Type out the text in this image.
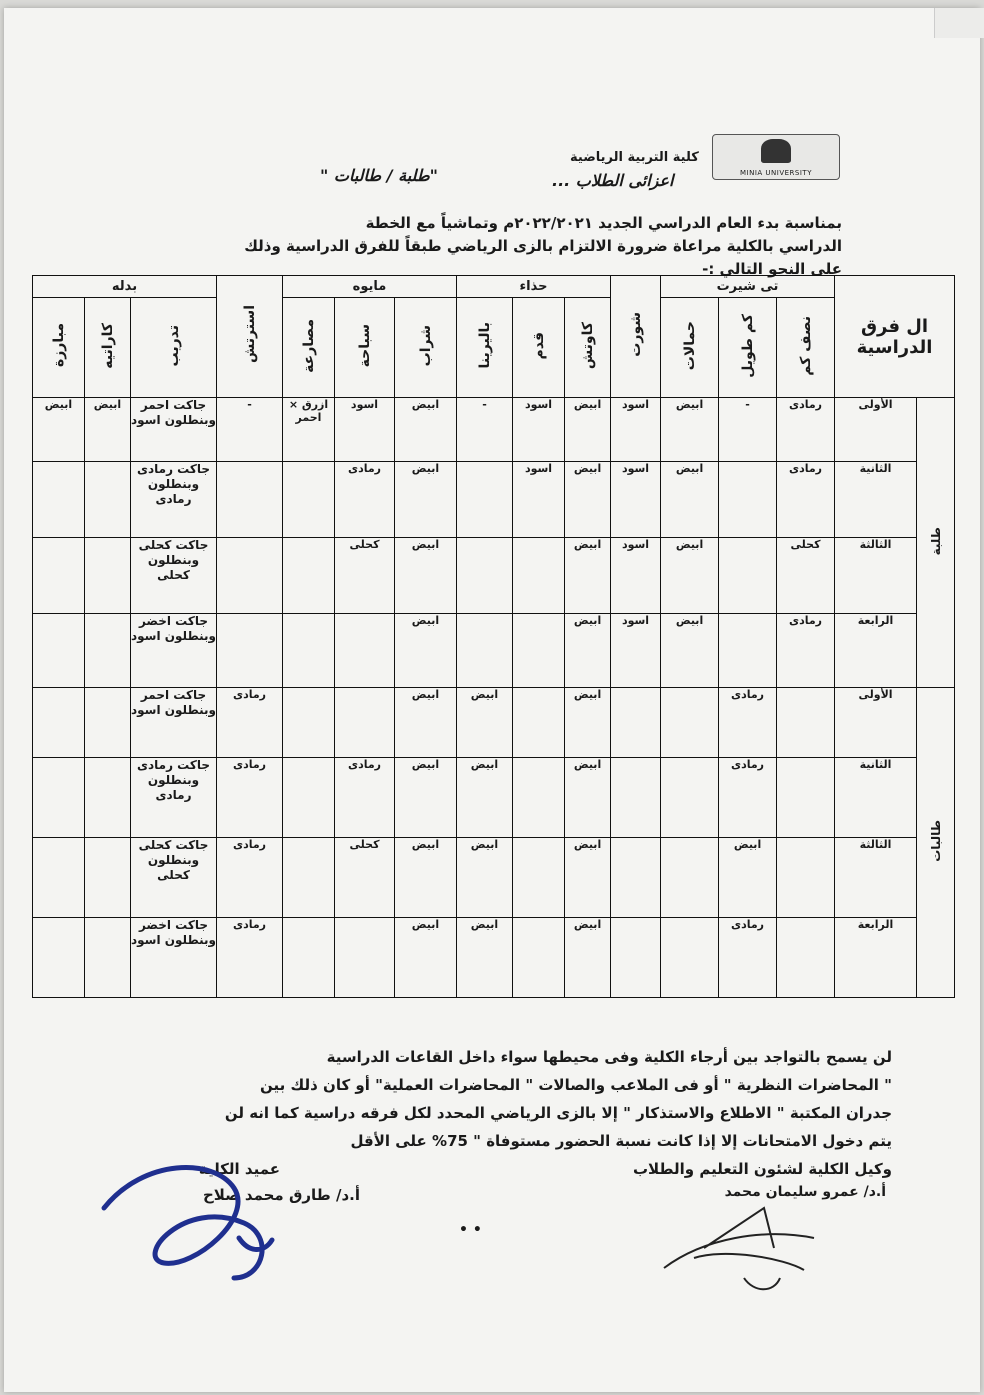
MINIA UNIVERSITY
كلية التربية الرياضية
اعزائى الطلاب ...
"طلبة / طالبات "
بمناسبة بدء العام الدراسي الجديد ٢٠٢٢/٢٠٢١م وتماشياً مع الخطة
الدراسي بالكلية مراعاة ضرورة الالتزام بالزى الرياضي طبقاً للفرق الدراسية وذلك
على النحو التالي :-
ال فرق الدراسية		تى شيرت			شورت	حذاء			مايوه			استرتش	بدله		
		نصف كم	كم طويل	حمالات		كاوتش	قدم	باليرينا	شراب	سباحة	مصارعة		تدريب	كاراتيه	مبارزة
طلبة	الأولى	رمادى	-	ابيض	اسود	ابيض	اسود	-	ابيض	اسود	ازرق × احمر	-	جاكت احمر وبنطلون اسود	ابيض	ابيض
	الثانية	رمادى		ابيض	اسود	ابيض	اسود		ابيض	رمادى			جاكت رمادى وبنطلون رمادى		
	الثالثة	كحلى		ابيض	اسود	ابيض			ابيض	كحلى			جاكت كحلى وبنطلون كحلى		
	الرابعة	رمادى		ابيض	اسود	ابيض			ابيض				جاكت اخضر وبنطلون اسود		
طالبات	الأولى		رمادى			ابيض		ابيض	ابيض			رمادى	جاكت احمر وبنطلون اسود		
	الثانية		رمادى			ابيض		ابيض	ابيض	رمادى		رمادى	جاكت رمادى وبنطلون رمادى		
	الثالثة		ابيض			ابيض		ابيض	ابيض	كحلى		رمادى	جاكت كحلى وبنطلون كحلى		
	الرابعة		رمادى			ابيض		ابيض	ابيض			رمادى	جاكت اخضر وبنطلون اسود		
لن يسمح بالتواجد بين أرجاء الكلية وفى محيطها سواء داخل القاعات الدراسية
" المحاضرات النظرية " أو فى الملاعب والصالات " المحاضرات العملية" أو كان ذلك بين
جدران المكتبة " الاطلاع والاستذكار " إلا بالزى الرياضي المحدد لكل فرقه دراسية كما انه لن
يتم دخول الامتحانات إلا إذا كانت نسبة الحضور مستوفاة " 75% على الأقل
وكيل الكلية لشئون التعليم والطلاب
أ.د/ عمرو سليمان محمد
عميد الكلية
أ.د/ طارق محمد صلاح
• •
